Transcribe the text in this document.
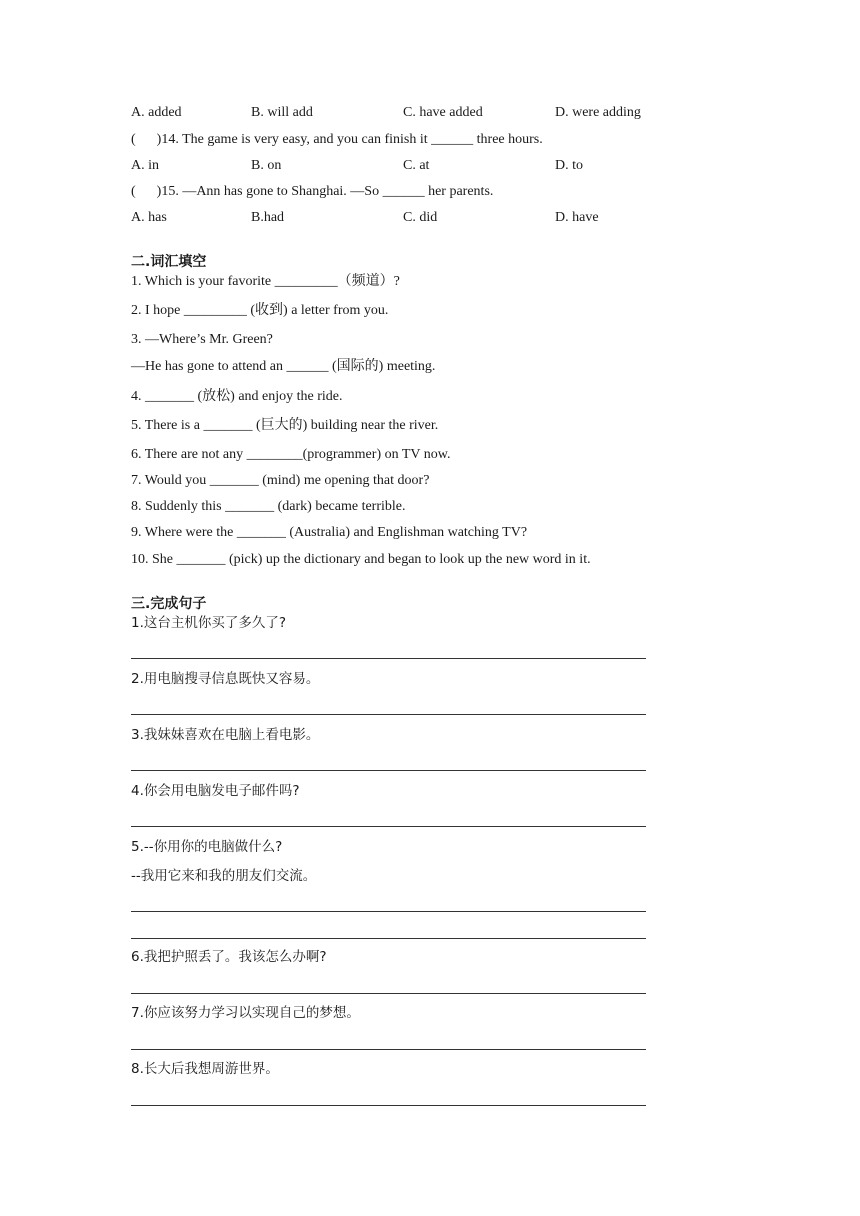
A. added	B. will add	C. have added	D. were adding
(      )14. The game is very easy, and you can finish it ______ three hours.
A. in	B. on	C. at	D. to
(      )15. —Ann has gone to Shanghai. —So ______ her parents.
A. has	B.had	C. did	D. have
二.词汇填空
1. Which is your favorite _________（频道）?
2. I hope _________ (收到) a letter from you.
3. —Where’s Mr. Green?
—He has gone to attend an ______ (国际的) meeting.
4. _______ (放松) and enjoy the ride.
5. There is a _______ (巨大的) building near the river.
6. There are not any ________(programmer) on TV now.
7. Would you _______ (mind) me opening that door?
8. Suddenly this _______ (dark) became terrible.
9. Where were the _______ (Australia) and Englishman watching TV?
10. She _______ (pick) up the dictionary and began to look up the new word in it.
三.完成句子
1.这台主机你买了多久了?
2.用电脑搜寻信息既快又容易。
3.我妹妹喜欢在电脑上看电影。
4.你会用电脑发电子邮件吗?
5.--你用你的电脑做什么?
--我用它来和我的朋友们交流。
6.我把护照丢了。我该怎么办啊?
7.你应该努力学习以实现自己的梦想。
8.长大后我想周游世界。
